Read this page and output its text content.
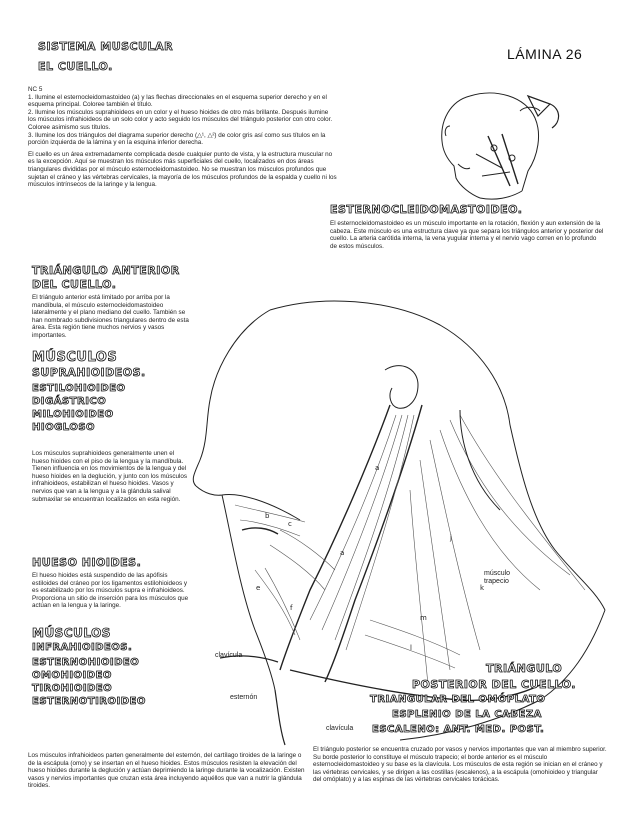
SISTEMA MUSCULAR
EL CUELLO.
LÁMINA 26
NC 5
1. Ilumine el esternocleidomastoideo (a) y las flechas direccionales en el esquema superior derecho y en el esquema principal. Coloree también el título.
2. Ilumine los músculos suprahioideos en un color y el hueso hioides de otro más brillante. Después ilumine los músculos infrahioideos de un solo color y acto seguido los músculos del triángulo posterior con otro color. Coloree asimismo sus títulos.
3. Ilumine los dos triángulos del diagrama superior derecho (△¹, △²) de color gris así como sus títulos en la porción izquierda de la lámina y en la esquina inferior derecha.
El cuello es un área extremadamente complicada desde cualquier punto de vista, y la estructura muscular no es la excepción. Aquí se muestran los músculos más superficiales del cuello, localizados en dos áreas triangulares divididas por el músculo esternocleidomastoideo. No se muestran los músculos profundos que sujetan el cráneo y las vértebras cervicales, la mayoría de los músculos profundos de la espalda y cuello ni los músculos intrínsecos de la laringe y la lengua.
ESTERNOCLEIDOMASTOIDEO.
El esternocleidomastoideo es un músculo importante en la rotación, flexión y aun extensión de la cabeza. Este músculo es una estructura clave ya que separa los triángulos anterior y posterior del cuello. La arteria carótida interna, la vena yugular interna y el nervio vago corren en lo profundo de estos músculos.
TRIÁNGULO ANTERIOR
DEL CUELLO.
El triángulo anterior está limitado por arriba por la mandíbula, el músculo esternocleidomastoideo lateralmente y el plano mediano del cuello. También se han nombrado subdivisiones triangulares dentro de esta área. Esta región tiene muchos nervios y vasos importantes.
MÚSCULOS
SUPRAHIOIDEOS.
ESTILOHIOIDEO
DIGÁSTRICO
MILOHIOIDEO
HIOGLOSO
Los músculos suprahioideos generalmente unen el hueso hioides con el piso de la lengua y la mandíbula. Tienen influencia en los movimientos de la lengua y del hueso hioides en la deglución, y junto con los músculos infrahioideos, estabilizan el hueso hioides. Vasos y nervios que van a la lengua y a la glándula salival submaxilar se encuentran localizados en esta región.
HUESO HIOIDES.
El hueso hioides está suspendido de las apófisis estiloides del cráneo por los ligamentos estilohioideos y es estabilizado por los músculos supra e infrahioideos. Proporciona un sitio de inserción para los músculos que actúan en la lengua y la laringe.
MÚSCULOS
INFRAHIOIDEOS.
ESTERNOHIOIDEO
OMOHIOIDEO
TIROHIOIDEO
ESTERNOTIROIDEO
Los músculos infrahioideos parten generalmente del esternón, del cartílago tiroides de la laringe o de la escápula (omo) y se insertan en el hueso hioides. Estos músculos resisten la elevación del hueso hioides durante la deglución y actúan deprimiendo la laringe durante la vocalización. Existen vasos y nervios importantes que cruzan esta área incluyendo aquéllos que van a nutrir la glándula tiroides.
a
a
b
c
e
f
j
k
m
l
músculo
trapecio
clavícula
clavícula
esternón
TRIÁNGULO
POSTERIOR DEL CUELLO.
TRIANGULAR DEL OMÓPLATO
ESPLENIO DE LA CABEZA
ESCALENO: ANT. MED. POST.
El triángulo posterior se encuentra cruzado por vasos y nervios importantes que van al miembro superior. Su borde posterior lo constituye el músculo trapecio; el borde anterior es el músculo esternocleidomastoideo y su base es la clavícula. Los músculos de esta región se inician en el cráneo y las vértebras cervicales, y se dirigen a las costillas (escalenos), a la escápula (omohioideo y triangular del omóplato) y a las espinas de las vértebras cervicales torácicas.
